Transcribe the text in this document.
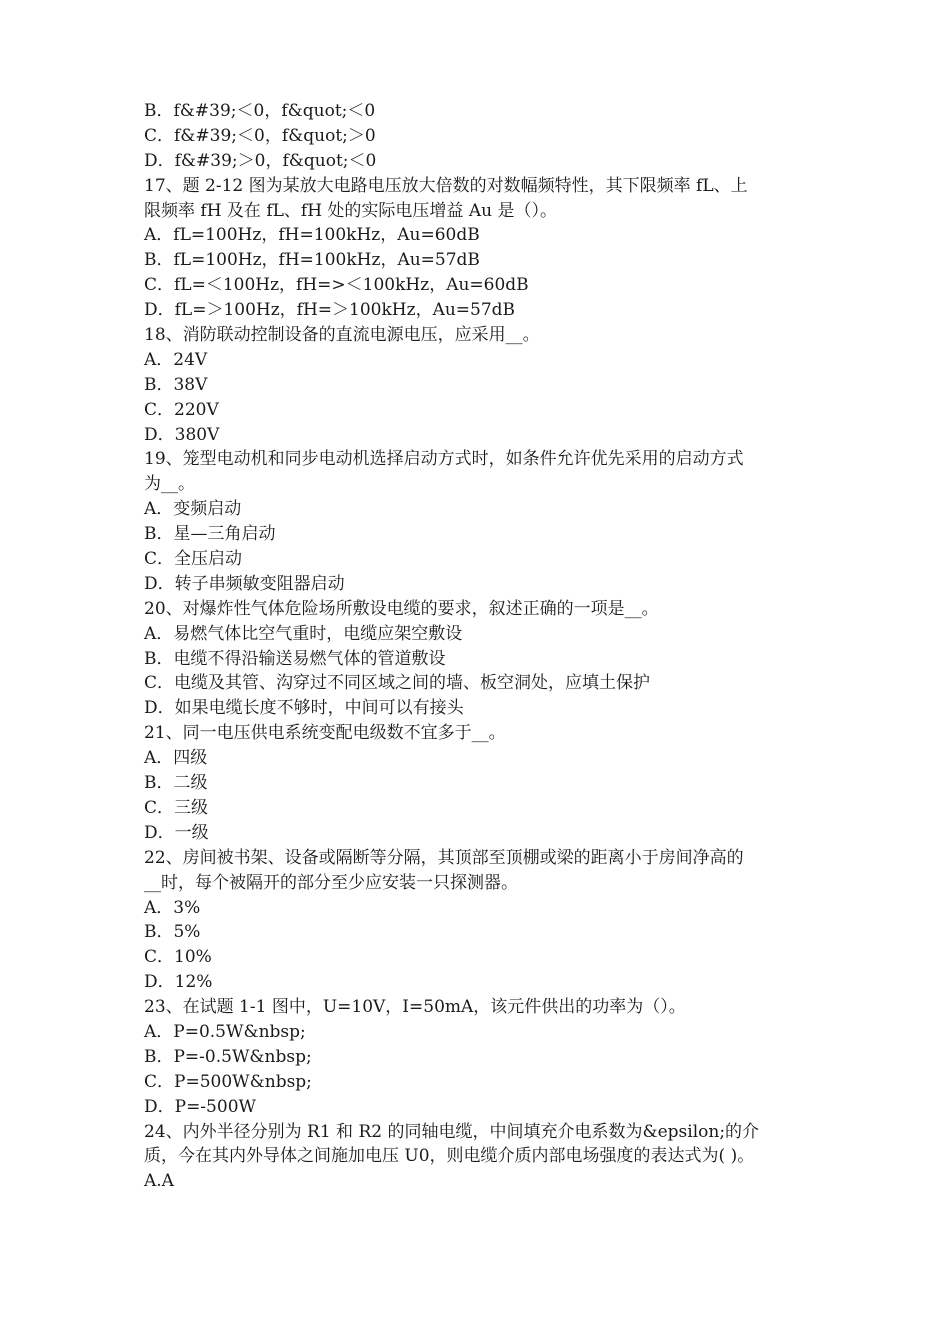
B．f&#39;＜0，f&quot;＜0
C．f&#39;＜0，f&quot;＞0
D．f&#39;＞0，f&quot;＜0
17、题 2-12 图为某放大电路电压放大倍数的对数幅频特性，其下限频率 fL、上
限频率 fH 及在 fL、fH 处的实际电压增益 Au 是（）。
A．fL=100Hz，fH=100kHz，Au=60dB
B．fL=100Hz，fH=100kHz，Au=57dB
C．fL=＜100Hz，fH=>＜100kHz，Au=60dB
D．fL=＞100Hz，fH=＞100kHz，Au=57dB
18、消防联动控制设备的直流电源电压，应采用__。
A．24V
B．38V
C．220V
D．380V
19、笼型电动机和同步电动机选择启动方式时，如条件允许优先采用的启动方式
为__。
A．变频启动
B．星—三角启动
C．全压启动
D．转子串频敏变阻器启动
20、对爆炸性气体危险场所敷设电缆的要求，叙述正确的一项是__。
A．易燃气体比空气重时，电缆应架空敷设
B．电缆不得沿输送易燃气体的管道敷设
C．电缆及其管、沟穿过不同区域之间的墙、板空洞处，应填土保护
D．如果电缆长度不够时，中间可以有接头
21、同一电压供电系统变配电级数不宜多于__。
A．四级
B．二级
C．三级
D．一级
22、房间被书架、设备或隔断等分隔，其顶部至顶棚或梁的距离小于房间净高的
__时，每个被隔开的部分至少应安装一只探测器。
A．3%
B．5%
C．10%
D．12%
23、在试题 1-1 图中，U=10V，I=50mA，该元件供出的功率为（）。
A．P=0.5W&nbsp;
B．P=-0.5W&nbsp;
C．P=500W&nbsp;
D．P=-500W
24、内外半径分别为 R1 和 R2 的同轴电缆，中间填充介电系数为&epsilon;的介
质，今在其内外导体之间施加电压 U0，则电缆介质内部电场强度的表达式为( )。
A.A
